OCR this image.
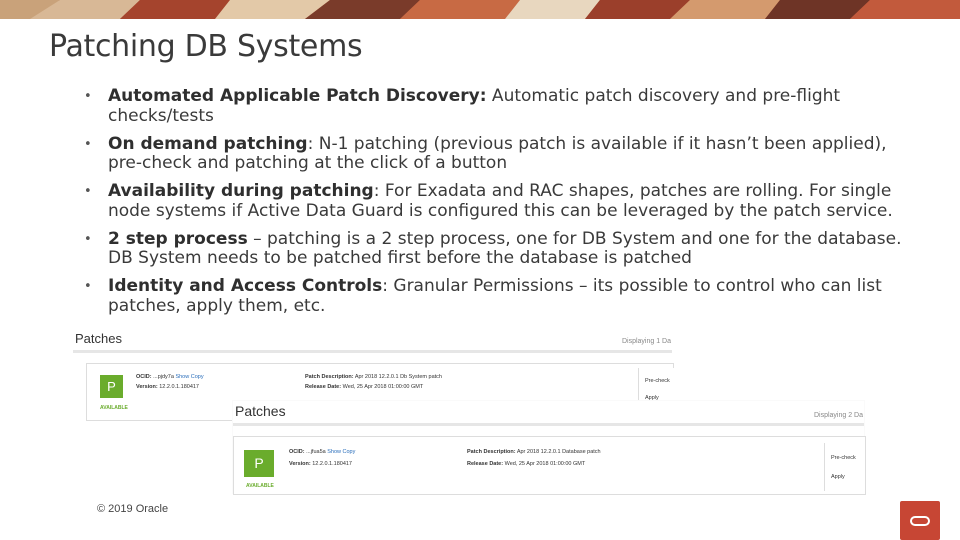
Patching DB Systems
• Automated Applicable Patch Discovery: Automatic patch discovery and pre-flight checks/tests
• On demand patching: N-1 patching (previous patch is available if it hasn’t been applied), pre-check and patching at the click of a button
• Availability during patching: For Exadata and RAC shapes, patches are rolling. For single node systems if Active Data Guard is configured this can be leveraged by the patch service.
• 2 step process – patching is a 2 step process, one for DB System and one for the database. DB System needs to be patched first before the database is patched
• Identity and Access Controls: Granular Permissions – its possible to control who can list patches, apply them, etc.
Patches	Displaying 1 Da
P
AVAILABLE
OCID: ...pjdy7a Show Copy
Version: 12.2.0.1.180417
Patch Description: Apr 2018 12.2.0.1 Db System patch
Release Date: Wed, 25 Apr 2018 01:00:00 GMT
Pre-check
Apply
Patches	Displaying 2 Da
P
AVAILABLE
OCID: ...jfua5a Show Copy
Version: 12.2.0.1.180417
Patch Description: Apr 2018 12.2.0.1 Database patch
Release Date: Wed, 25 Apr 2018 01:00:00 GMT
Pre-check
Apply
© 2019 Oracle
